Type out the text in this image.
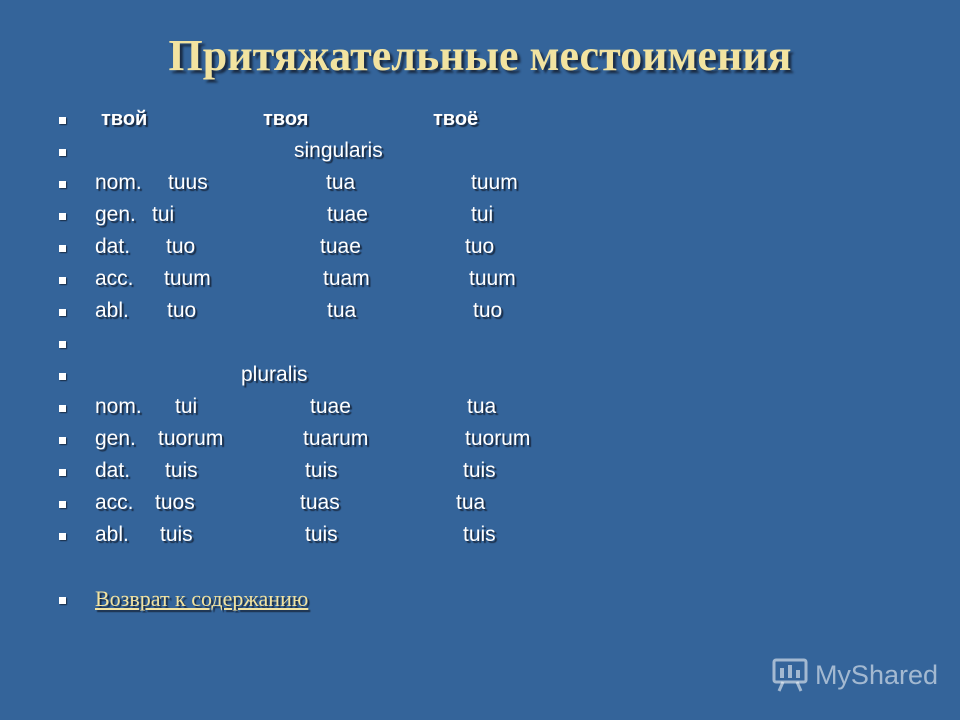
Притяжательные местоимения
твой	твоя	твоё
singularis
nom. tuus	tua	tuum
gen. tui	tuae	tui
dat. tuo	tuae	tuo
acc. tuum	tuam	tuum
abl. tuo	tua	tuo
pluralis
nom. tui	tuae	tua
gen. tuorum	tuarum	tuorum
dat. tuis	tuis	tuis
acc. tuos	tuas	tua
abl. tuis	tuis	tuis
Возврат к содержанию
MyShared
